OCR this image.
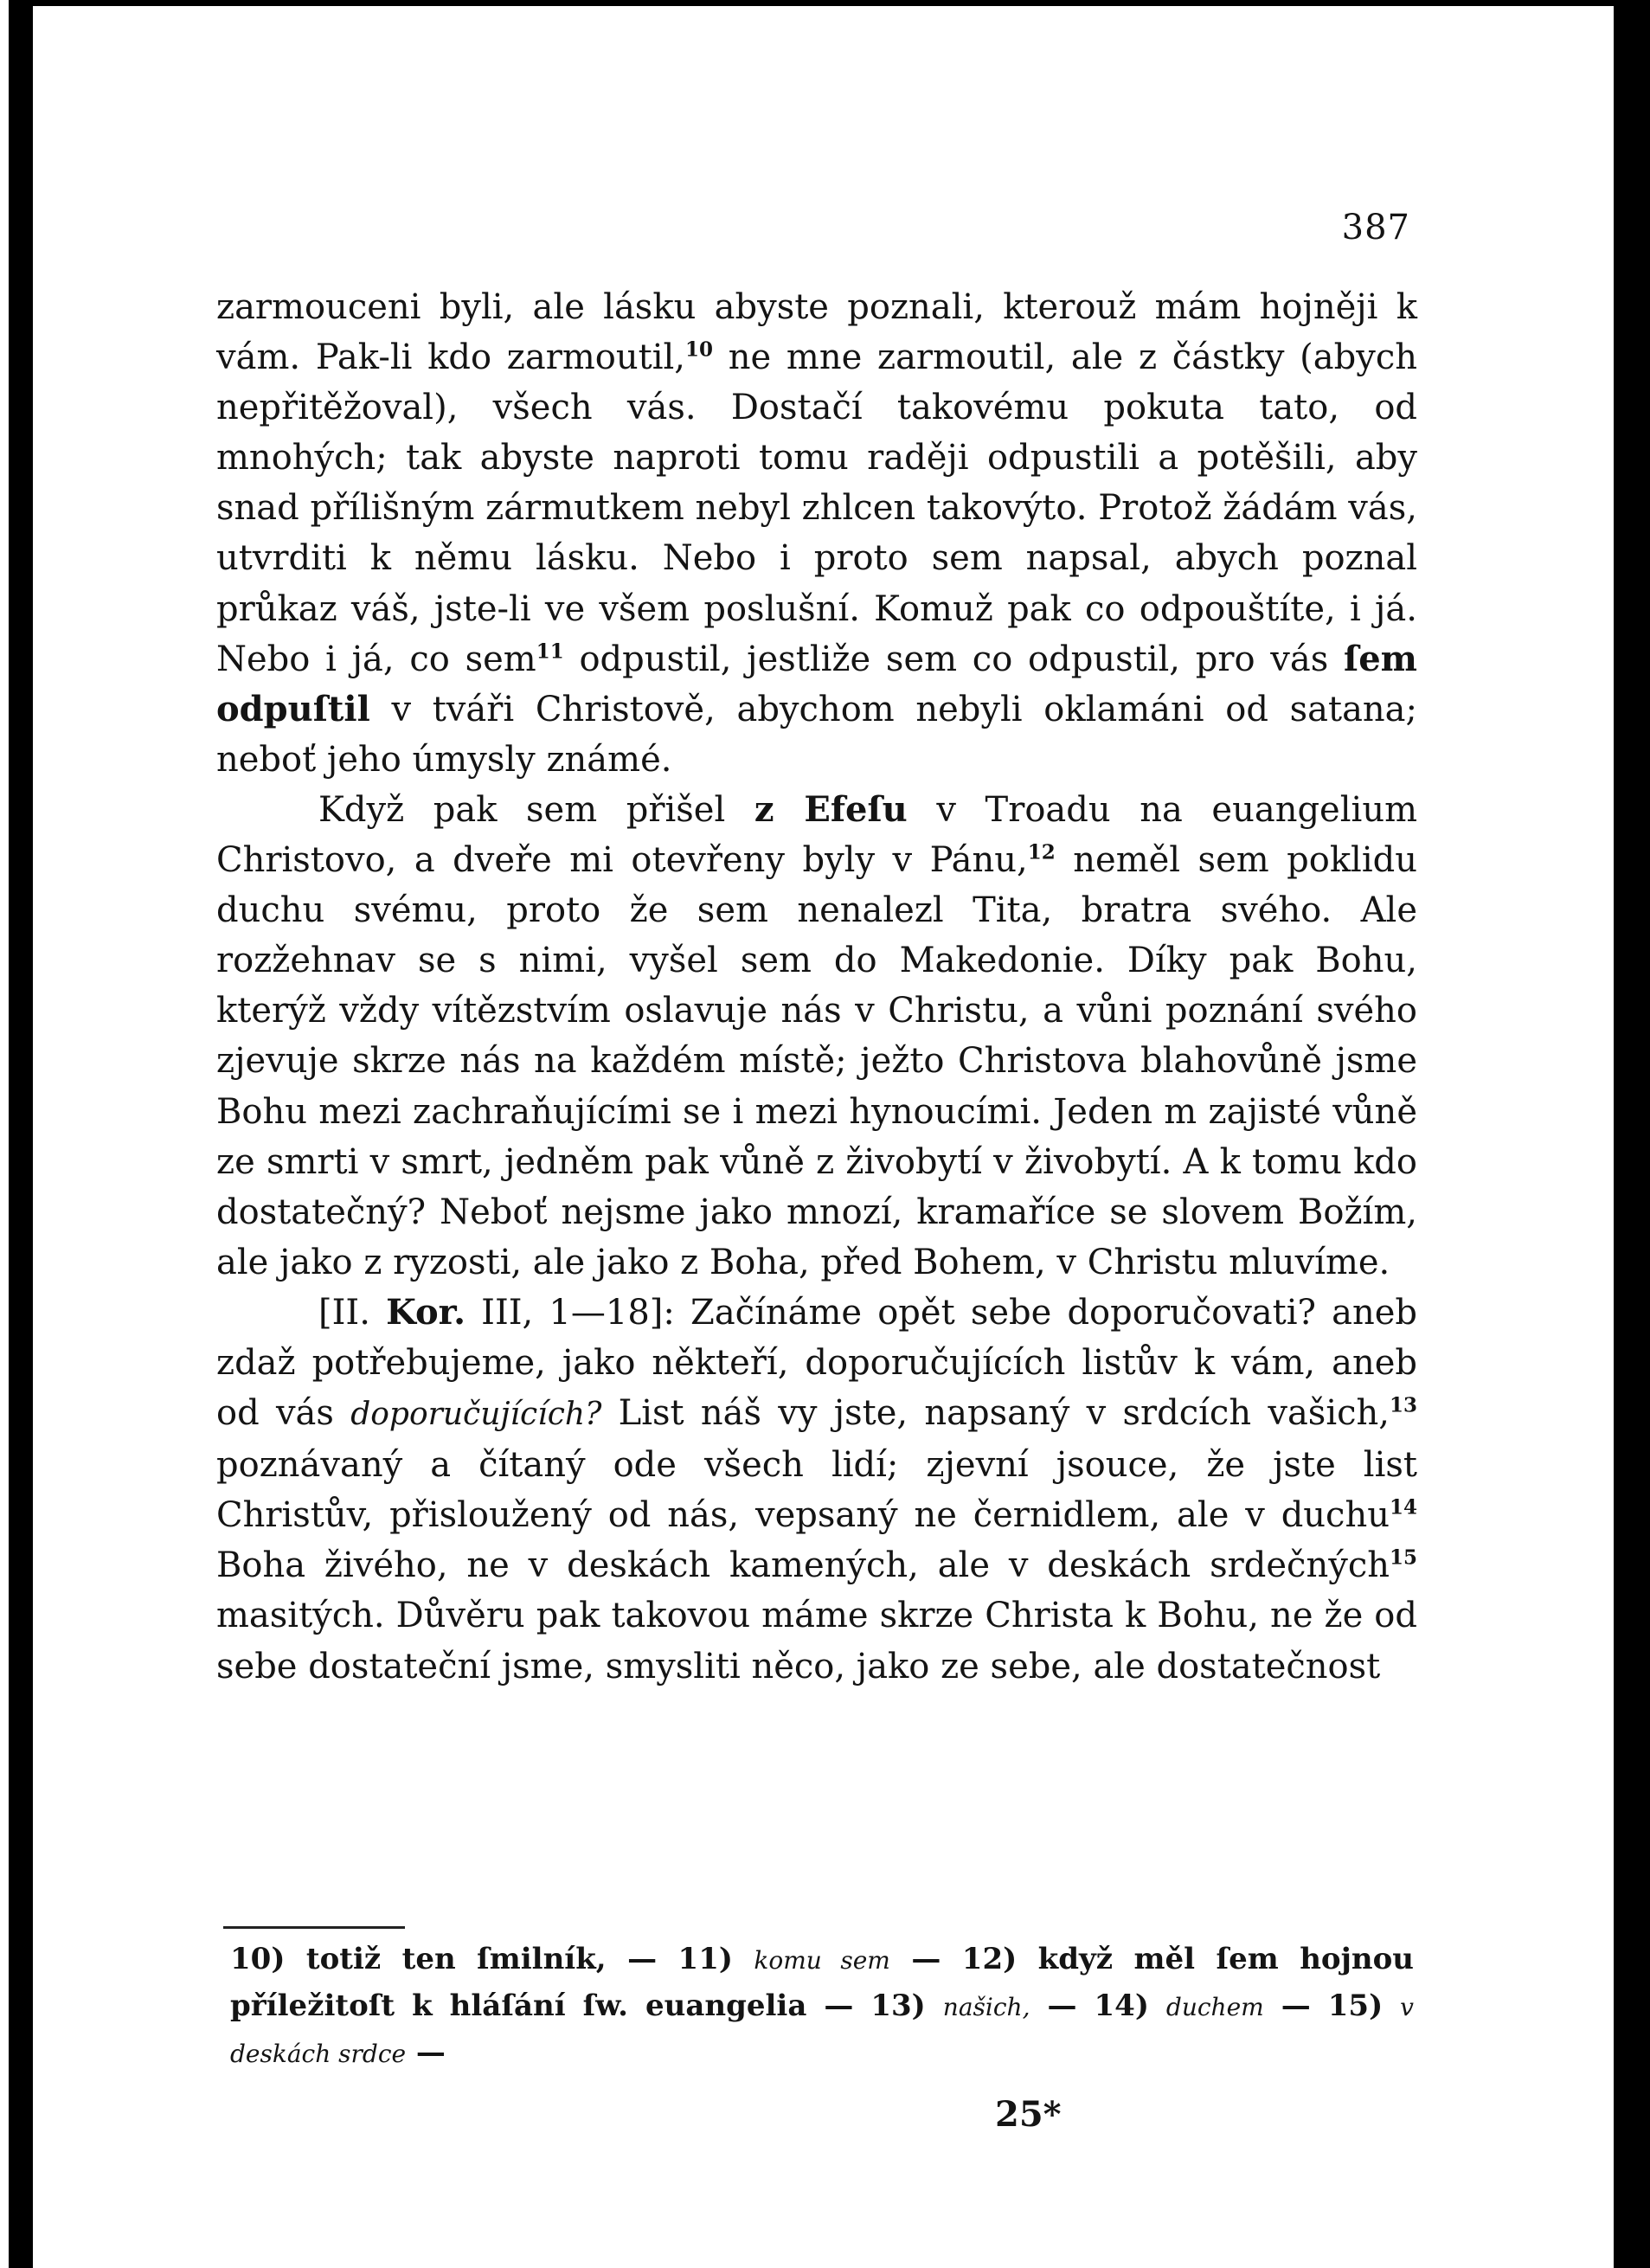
387

zarmouceni byli, ale lásku abyste poznali, kterouž mám hojněji k vám. Pak-li kdo zarmoutil,$^{10}$ ne mne zarmoutil, ale z částky (abych nepřitěžoval), všech vás. Dostačí takovému pokuta tato, od mnohých; tak abyste naproti tomu raději odpustili a potěšili, aby snad přílišným zármutkem nebyl zhlcen takovýto. Protož žádám vás, utvrditi k němu lásku. Nebo i proto sem napsal, abych poznal průkaz váš, jste-li ve všem poslušní. Komuž pak co odpouštíte, i já. Nebo i já, co sem$^{11}$ odpustil, jestliže sem co odpustil, pro vás ſem odpuſtil v tváři Christově, abychom nebyli oklamáni od satana; neboť jeho úmysly známé.

Když pak sem přišel z Efeſu v Troadu na euangelium Christovo, a dveře mi otevřeny byly v Pánu,$^{12}$ neměl sem poklidu duchu svému, proto že sem nenalezl Tita, bratra svého. Ale rozžehnav se s nimi, vyšel sem do Makedonie. Díky pak Bohu, kterýž vždy vítězstvím oslavuje nás v Christu, a vůni poznání svého zjevuje skrze nás na každém místě; ježto Christova blahovůně jsme Bohu mezi zachraňujícími se i mezi hynoucími. Jeden m zajisté vůně ze smrti v smrt, jedněm pak vůně z živobytí v živobytí. A k tomu kdo dostatečný? Neboť nejsme jako mnozí, kramaříce se slovem Božím, ale jako z ryzosti, ale jako z Boha, před Bohem, v Christu mluvíme.

[II. Kor. III, 1—18]: Začínáme opět sebe doporučovati? aneb zdaž potřebujeme, jako někteří, doporučujících listův k vám, aneb od vás doporučujících? List náš vy jste, napsaný v srdcích vašich,$^{13}$ poznávaný a čítaný ode všech lidí; zjevní jsouce, že jste list Christův, přisloužený od nás, vepsaný ne černidlem, ale v duchu$^{14}$ Boha živého, ne v deskách kamených, ale v deskách srdečných$^{15}$ masitých. Důvěru pak takovou máme skrze Christa k Bohu, ne že od sebe dostateční jsme, smysliti něco, jako ze sebe, ale dostatečnost

10) totiž ten ſmilník, — 11) komu sem — 12) když měl ſem hojnou příležitoſt k hláſání ſw. euangelia — 13) našich, — 14) duchem — 15) v deskách srdce —

25*
